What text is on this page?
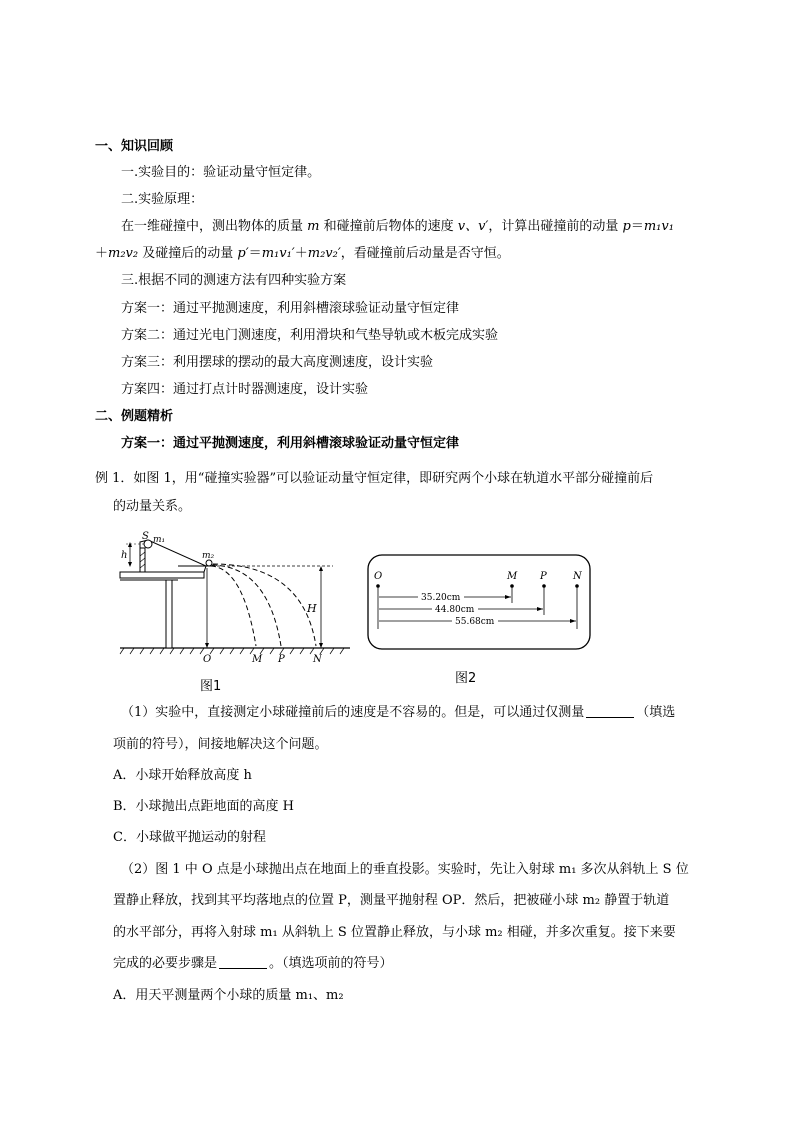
一、知识回顾
一.实验目的：验证动量守恒定律。
二.实验原理：
在一维碰撞中，测出物体的质量 m 和碰撞前后物体的速度 v、v′，计算出碰撞前的动量 p＝m₁v₁
＋m₂v₂ 及碰撞后的动量 p′＝m₁v₁′＋m₂v₂′，看碰撞前后动量是否守恒。
三.根据不同的测速方法有四种实验方案
方案一：通过平抛测速度，利用斜槽滚球验证动量守恒定律
方案二：通过光电门测速度，利用滑块和气垫导轨或木板完成实验
方案三：利用摆球的摆动的最大高度测速度，设计实验
方案四：通过打点计时器测速度，设计实验
二、例题精析
方案一：通过平抛测速度，利用斜槽滚球验证动量守恒定律
例 1．如图 1，用“碰撞实验器”可以验证动量守恒定律，即研究两个小球在轨道水平部分碰撞前后
的动量关系。
S m₁
m₂
h
H
O	M P	N
图1
35.20cm
44.80cm
55.68cm
O	M P	N
图2
（1）实验中，直接测定小球碰撞前后的速度是不容易的。但是，可以通过仅测量	（填选
项前的符号），间接地解决这个问题。
A．小球开始释放高度 h
B．小球抛出点距地面的高度 H
C．小球做平抛运动的射程
（2）图 1 中 O 点是小球抛出点在地面上的垂直投影。实验时，先让入射球 m₁ 多次从斜轨上 S 位
置静止释放，找到其平均落地点的位置 P，测量平抛射程 OP．然后，把被碰小球 m₂ 静置于轨道
的水平部分，再将入射球 m₁ 从斜轨上 S 位置静止释放，与小球 m₂ 相碰，并多次重复。接下来要
完成的必要步骤是	。（填选项前的符号）
A．用天平测量两个小球的质量 m₁、m₂
